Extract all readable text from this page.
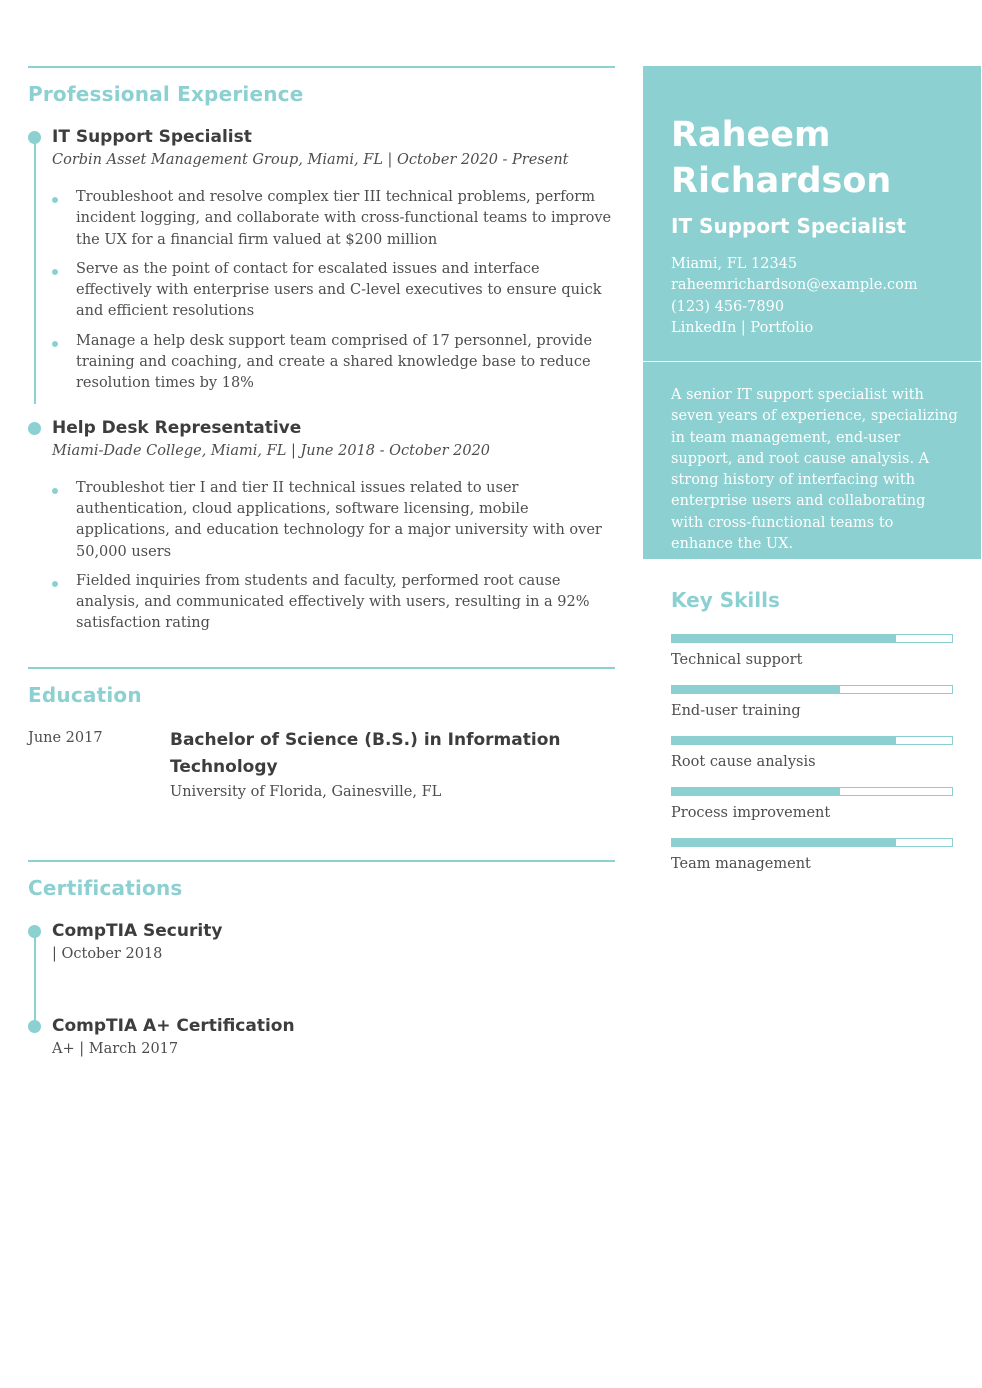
Professional Experience
IT Support Specialist
Corbin Asset Management Group, Miami, FL | October 2020 - Present
Troubleshoot and resolve complex tier III technical problems, perform incident logging, and collaborate with cross-functional teams to improve the UX for a financial firm valued at $200 million
Serve as the point of contact for escalated issues and interface effectively with enterprise users and C-level executives to ensure quick and efficient resolutions
Manage a help desk support team comprised of 17 personnel, provide training and coaching, and create a shared knowledge base to reduce resolution times by 18%
Help Desk Representative
Miami-Dade College, Miami, FL | June 2018 - October 2020
Troubleshot tier I and tier II technical issues related to user authentication, cloud applications, software licensing, mobile applications, and education technology for a major university with over 50,000 users
Fielded inquiries from students and faculty, performed root cause analysis, and communicated effectively with users, resulting in a 92% satisfaction rating
Education
June 2017	Bachelor of Science (B.S.) in Information
Technology
University of Florida, Gainesville, FL
Certifications
CompTIA Security
| October 2018
CompTIA A+ Certification
A+ | March 2017
Raheem
Richardson
IT Support Specialist
Miami, FL 12345
raheemrichardson@example.com
(123) 456-7890
LinkedIn | Portfolio
A senior IT support specialist with seven years of experience, specializing in team management, end-user support, and root cause analysis. A strong history of interfacing with enterprise users and collaborating with cross-functional teams to enhance the UX.
Key Skills
Technical support
End-user training
Root cause analysis
Process improvement
Team management
